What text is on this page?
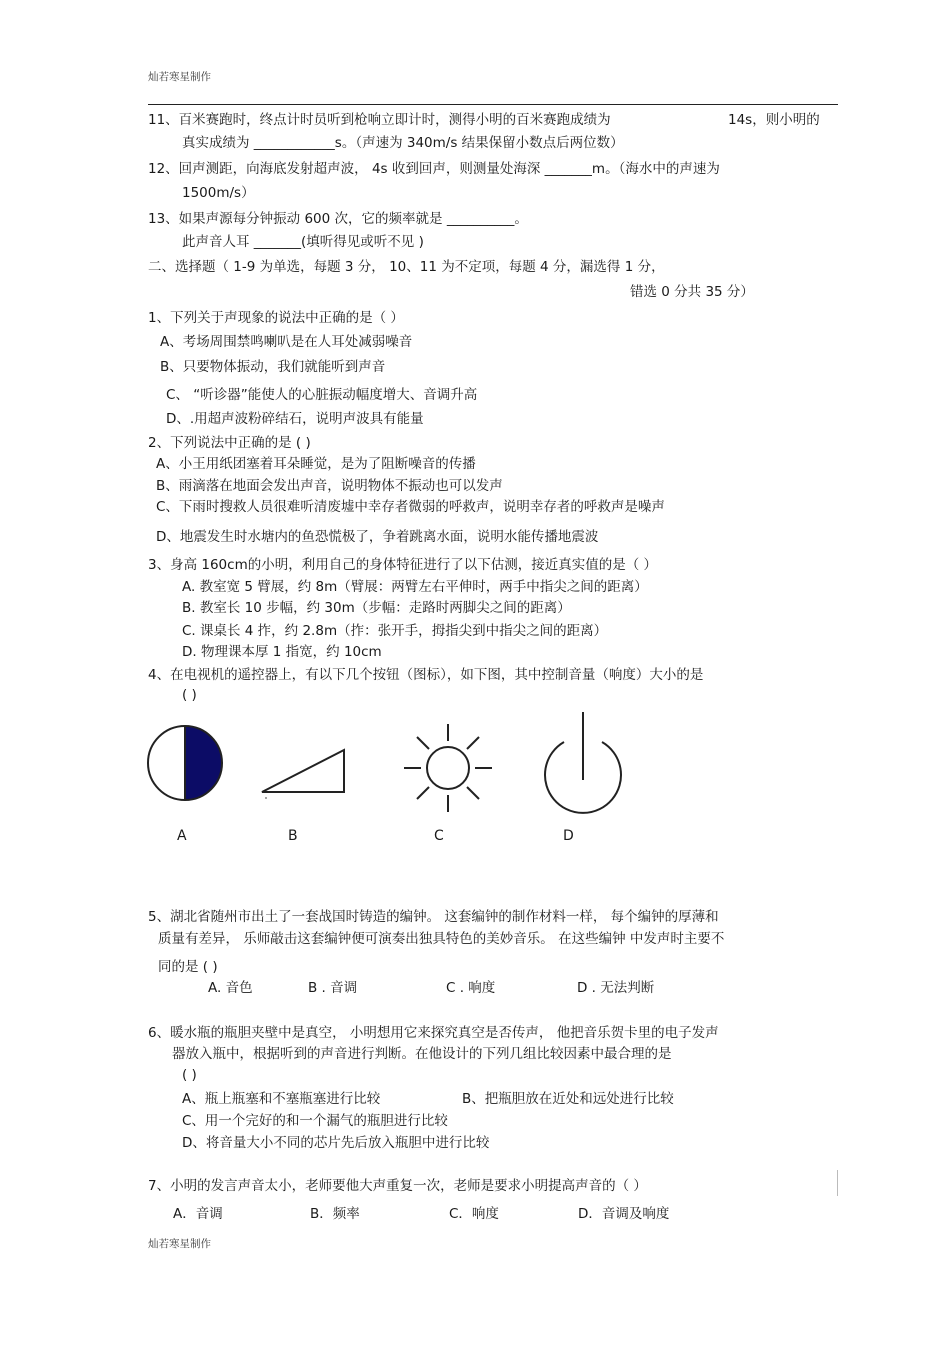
灿若寒星制作
11、百米赛跑时，终点计时员听到枪响立即计时，测得小明的百米赛跑成绩为	14s，则小明的
真实成绩为 ____________s。（声速为 340m/s 结果保留小数点后两位数）
12、回声测距，向海底发射超声波， 4s 收到回声，则测量处海深 _______m。（海水中的声速为
1500m/s）
13、如果声源每分钟振动 600 次，它的频率就是 __________。
此声音人耳 _______(填听得见或听不见 )
二、选择题（ 1-9 为单选，每题 3 分， 10、11 为不定项，每题 4 分，漏选得 1 分，
错选 0 分共 35 分）
1、下列关于声现象的说法中正确的是（ ）
A、考场周围禁鸣喇叭是在人耳处减弱噪音
B、只要物体振动，我们就能听到声音
C、 “听诊器”能使人的心脏振动幅度增大、音调升高
D、.用超声波粉碎结石，说明声波具有能量
2、下列说法中正确的是 ( )
A、小王用纸团塞着耳朵睡觉，是为了阻断噪音的传播
B、雨滴落在地面会发出声音，说明物体不振动也可以发声
C、下雨时搜救人员很难听清废墟中幸存者微弱的呼救声，说明幸存者的呼救声是噪声
D、地震发生时水塘内的鱼恐慌极了，争着跳离水面，说明水能传播地震波
3、身高 160cm的小明，利用自己的身体特征进行了以下估测，接近真实值的是（ ）
A. 教室宽 5 臂展，约 8m（臂展：两臂左右平伸时，两手中指尖之间的距离）
B. 教室长 10 步幅，约 30m（步幅：走路时两脚尖之间的距离）
C. 课桌长 4 拃，约 2.8m（拃：张开手，拇指尖到中指尖之间的距离）
D. 物理课本厚 1 指宽，约 10cm
4、在电视机的遥控器上，有以下几个按钮（图标），如下图，其中控制音量（响度）大小的是
( )
A	B	C	D
5、湖北省随州市出土了一套战国时铸造的编钟。 这套编钟的制作材料一样， 每个编钟的厚薄和
质量有差异， 乐师敲击这套编钟便可演奏出独具特色的美妙音乐。 在这些编钟 中发声时主要不
同的是 ( )
A. 音色	B . 音调	C . 响度	D . 无法判断
6、暖水瓶的瓶胆夹壁中是真空， 小明想用它来探究真空是否传声， 他把音乐贺卡里的电子发声
器放入瓶中，根据听到的声音进行判断。在他设计的下列几组比较因素中最合理的是
( )
A、瓶上瓶塞和不塞瓶塞进行比较	B、把瓶胆放在近处和远处进行比较
C、用一个完好的和一个漏气的瓶胆进行比较
D、将音量大小不同的芯片先后放入瓶胆中进行比较
7、小明的发言声音太小，老师要他大声重复一次，老师是要求小明提高声音的（ ）
A．音调	B．频率	C．响度	D．音调及响度
灿若寒星制作
